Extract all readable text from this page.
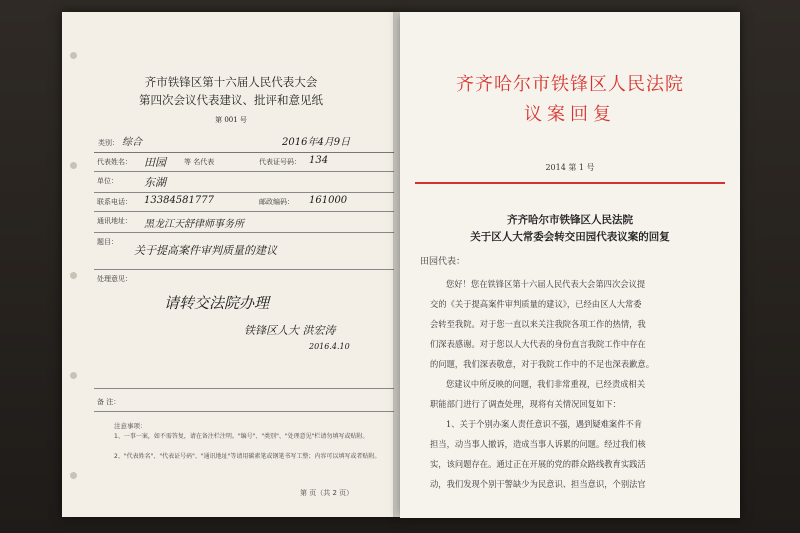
齐市铁锋区第十六届人民代表大会
第四次会议代表建议、批评和意见纸
第 001 号
类别： 综合	2016年4月9日
代表姓名： 田园	等 名代表	代表证号码： 134
单位： 东湖
联系电话： 13384581777	邮政编码： 161000
通讯地址： 黑龙江天舒律师事务所
题目：
关于提高案件审判质量的建议
处理意见：
请转交法院办理
铁锋区人大 洪宏涛
2016.4.10
备 注：
注意事项：
1、一事一案，如不需答复，请在备注栏注明。"编号"、"类别"、"处理意见"栏请勿填写或贴附。
2、"代表姓名"、"代表证号码"、"通讯地址"等请用碳素笔或钢笔书写工整；内容可以填写或者贴附。
第 页（共 2 页）
齐齐哈尔市铁锋区人民法院
议案回复
2014 第 1 号
齐齐哈尔市铁锋区人民法院
关于区人大常委会转交田园代表议案的回复
田园代表：
您好！您在铁锋区第十六届人民代表大会第四次会议提
交的《关于提高案件审判质量的建议》，已经由区人大常委
会转至我院。对于您一直以来关注我院各项工作的热情，我
们深表感谢。对于您以人大代表的身份直言我院工作中存在
的问题，我们深表敬意，对于我院工作中的不足也深表歉意。
您建议中所反映的问题，我们非常重视，已经责成相关
职能部门进行了调查处理，现将有关情况回复如下：
1、关于个别办案人责任意识不强，遇到疑难案件不肯
担当，动当事人撤诉，造成当事人诉累的问题。经过我们核
实，该问题存在。通过正在开展的党的群众路线教育实践活
动，我们发现个别干警缺少为民意识、担当意识，个别法官
